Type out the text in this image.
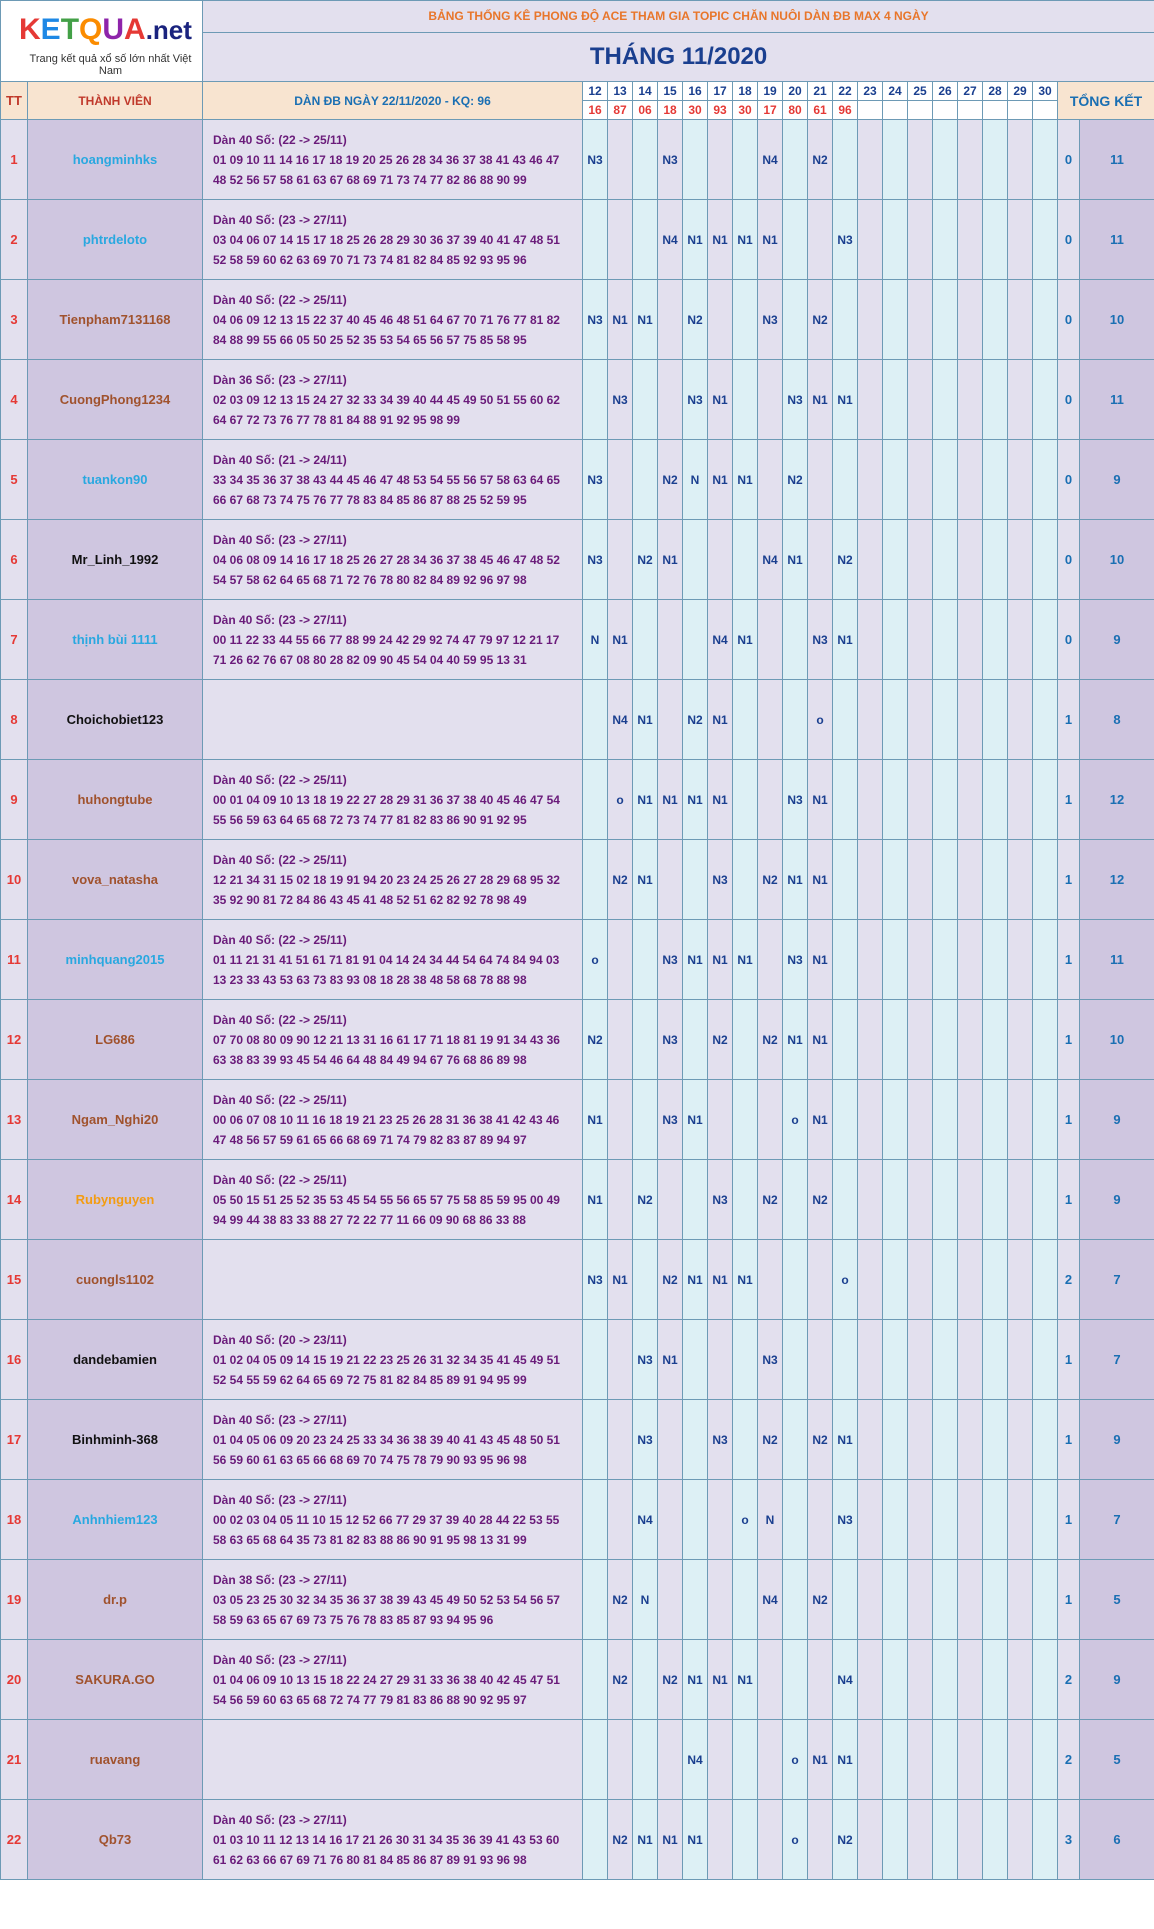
KETQUA.net
Trang kết quả xổ số lớn nhất Việt Nam		BẢNG THỐNG KÊ PHONG ĐỘ ACE THAM GIA TOPIC CHĂN NUÔI DÀN ĐB MAX 4 NGÀY																					
		THÁNG 11/2020																					
TT	THÀNH VIÊN	DÀN ĐB NGÀY 22/11/2020 - KQ: 96	12	13	14	15	16	17	18	19	20	21	22	23	24	25	26	27	28	29	30	TỔNG KẾT	
			16	87	06	18	30	93	30	17	80	61	96										
1	hoangminhks	Dàn 40 Số: (22 -> 25/11)
01 09 10 11 14 16 17 18 19 20 25 26 28 34 36 37 38 41 43 46 47
48 52 56 57 58 61 63 67 68 69 71 73 74 77 82 86 88 90 99	N3			N3				N4		N2										0	11
2	phtrdeloto	Dàn 40 Số: (23 -> 27/11)
03 04 06 07 14 15 17 18 25 26 28 29 30 36 37 39 40 41 47 48 51
52 58 59 60 62 63 69 70 71 73 74 81 82 84 85 92 93 95 96				N4	N1	N1	N1	N1			N3									0	11
3	Tienpham7131168	Dàn 40 Số: (22 -> 25/11)
04 06 09 12 13 15 22 37 40 45 46 48 51 64 67 70 71 76 77 81 82
84 88 99 55 66 05 50 25 52 35 53 54 65 56 57 75 85 58 95	N3	N1	N1		N2			N3		N2										0	10
4	CuongPhong1234	Dàn 36 Số: (23 -> 27/11)
02 03 09 12 13 15 24 27 32 33 34 39 40 44 45 49 50 51 55 60 62
64 67 72 73 76 77 78 81 84 88 91 92 95 98 99		N3			N3	N1			N3	N1	N1									0	11
5	tuankon90	Dàn 40 Số: (21 -> 24/11)
33 34 35 36 37 38 43 44 45 46 47 48 53 54 55 56 57 58 63 64 65
66 67 68 73 74 75 76 77 78 83 84 85 86 87 88 25 52 59 95	N3			N2	N	N1	N1		N2											0	9
6	Mr_Linh_1992	Dàn 40 Số: (23 -> 27/11)
04 06 08 09 14 16 17 18 25 26 27 28 34 36 37 38 45 46 47 48 52
54 57 58 62 64 65 68 71 72 76 78 80 82 84 89 92 96 97 98	N3		N2	N1				N4	N1		N2									0	10
7	thịnh bùi 1111	Dàn 40 Số: (23 -> 27/11)
00 11 22 33 44 55 66 77 88 99 24 42 29 92 74 47 79 97 12 21 17
71 26 62 76 67 08 80 28 82 09 90 45 54 04 40 59 95 13 31	N	N1				N4	N1			N3	N1									0	9
8	Choichobiet123			N4	N1		N2	N1				o										1	8
9	huhongtube	Dàn 40 Số: (22 -> 25/11)
00 01 04 09 10 13 18 19 22 27 28 29 31 36 37 38 40 45 46 47 54
55 56 59 63 64 65 68 72 73 74 77 81 82 83 86 90 91 92 95		o	N1	N1	N1	N1			N3	N1										1	12
10	vova_natasha	Dàn 40 Số: (22 -> 25/11)
12 21 34 31 15 02 18 19 91 94 20 23 24 25 26 27 28 29 68 95 32
35 92 90 81 72 84 86 43 45 41 48 52 51 62 82 92 78 98 49		N2	N1			N3		N2	N1	N1										1	12
11	minhquang2015	Dàn 40 Số: (22 -> 25/11)
01 11 21 31 41 51 61 71 81 91 04 14 24 34 44 54 64 74 84 94 03
13 23 33 43 53 63 73 83 93 08 18 28 38 48 58 68 78 88 98	o			N3	N1	N1	N1		N3	N1										1	11
12	LG686	Dàn 40 Số: (22 -> 25/11)
07 70 08 80 09 90 12 21 13 31 16 61 17 71 18 81 19 91 34 43 36
63 38 83 39 93 45 54 46 64 48 84 49 94 67 76 68 86 89 98	N2			N3		N2		N2	N1	N1										1	10
13	Ngam_Nghi20	Dàn 40 Số: (22 -> 25/11)
00 06 07 08 10 11 16 18 19 21 23 25 26 28 31 36 38 41 42 43 46
47 48 56 57 59 61 65 66 68 69 71 74 79 82 83 87 89 94 97	N1			N3	N1				o	N1										1	9
14	Rubynguyen	Dàn 40 Số: (22 -> 25/11)
05 50 15 51 25 52 35 53 45 54 55 56 65 57 75 58 85 59 95 00 49
94 99 44 38 83 33 88 27 72 22 77 11 66 09 90 68 86 33 88	N1		N2			N3		N2		N2										1	9
15	cuongls1102		N3	N1		N2	N1	N1	N1				o									2	7
16	dandebamien	Dàn 40 Số: (20 -> 23/11)
01 02 04 05 09 14 15 19 21 22 23 25 26 31 32 34 35 41 45 49 51
52 54 55 59 62 64 65 69 72 75 81 82 84 85 89 91 94 95 99			N3	N1				N3												1	7
17	Binhminh-368	Dàn 40 Số: (23 -> 27/11)
01 04 05 06 09 20 23 24 25 33 34 36 38 39 40 41 43 45 48 50 51
56 59 60 61 63 65 66 68 69 70 74 75 78 79 90 93 95 96 98			N3			N3		N2		N2	N1									1	9
18	Anhnhiem123	Dàn 40 Số: (23 -> 27/11)
00 02 03 04 05 11 10 15 12 52 66 77 29 37 39 40 28 44 22 53 55
58 63 65 68 64 35 73 81 82 83 88 86 90 91 95 98 13 31 99			N4				o	N			N3									1	7
19	dr.p	Dàn 38 Số: (23 -> 27/11)
03 05 23 25 30 32 34 35 36 37 38 39 43 45 49 50 52 53 54 56 57
58 59 63 65 67 69 73 75 76 78 83 85 87 93 94 95 96		N2	N					N4		N2										1	5
20	SAKURA.GO	Dàn 40 Số: (23 -> 27/11)
01 04 06 09 10 13 15 18 22 24 27 29 31 33 36 38 40 42 45 47 51
54 56 59 60 63 65 68 72 74 77 79 81 83 86 88 90 92 95 97		N2		N2	N1	N1	N1				N4									2	9
21	ruavang						N4				o	N1	N1									2	5
22	Qb73	Dàn 40 Số: (23 -> 27/11)
01 03 10 11 12 13 14 16 17 21 26 30 31 34 35 36 39 41 43 53 60
61 62 63 66 67 69 71 76 80 81 84 85 86 87 89 91 93 96 98		N2	N1	N1	N1				o		N2									3	6
